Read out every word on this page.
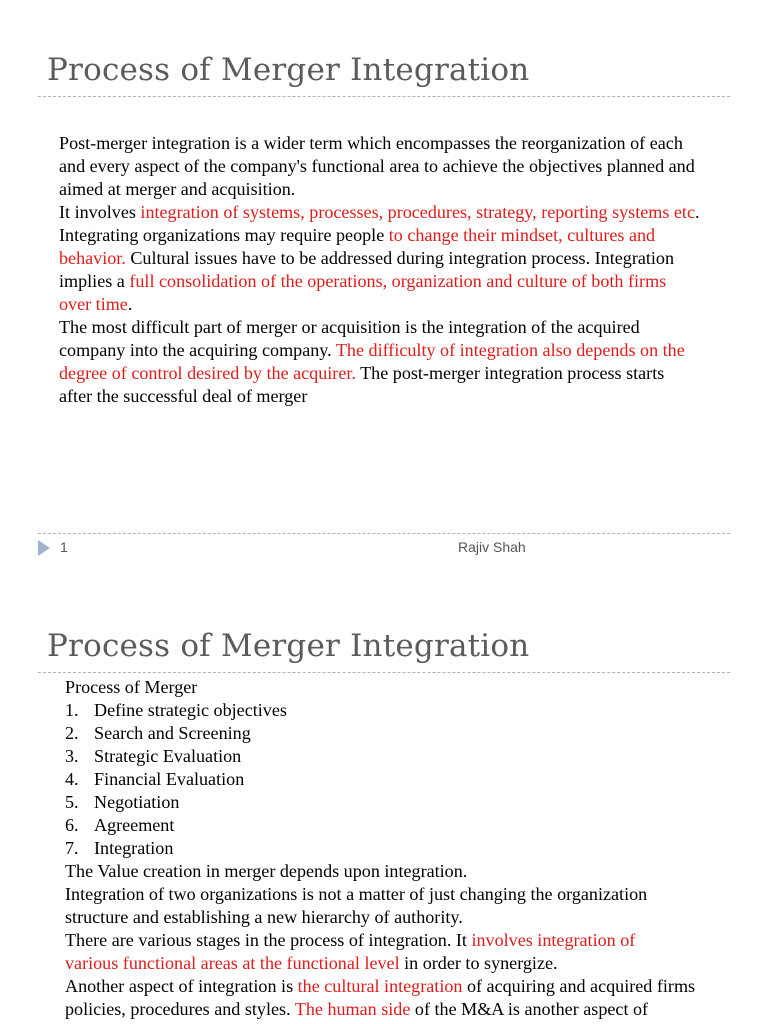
Process of Merger Integration
Post-merger integration is a wider term which encompasses the reorganization of each
and every aspect of the company's functional area to achieve the objectives planned and
aimed at merger and acquisition.
It involves integration of systems, processes, procedures, strategy, reporting systems etc.
Integrating organizations may require people to change their mindset, cultures and
behavior. Cultural issues have to be addressed during integration process. Integration
implies a full consolidation of the operations, organization and culture of both firms
over time.
The most difficult part of merger or acquisition is the integration of the acquired
company into the acquiring company. The difficulty of integration also depends on the
degree of control desired by the acquirer. The post-merger integration process starts
after the successful deal of merger
1	Rajiv Shah
Process of Merger Integration
Process of Merger
1. Define strategic objectives
2. Search and Screening
3. Strategic Evaluation
4. Financial Evaluation
5. Negotiation
6. Agreement
7. Integration
The Value creation in merger depends upon integration.
Integration of two organizations is not a matter of just changing the organization
structure and establishing a new hierarchy of authority.
There are various stages in the process of integration. It involves integration of
various functional areas at the functional level in order to synergize.
Another aspect of integration is the cultural integration of acquiring and acquired firms
policies, procedures and styles. The human side of the M&A is another aspect of
